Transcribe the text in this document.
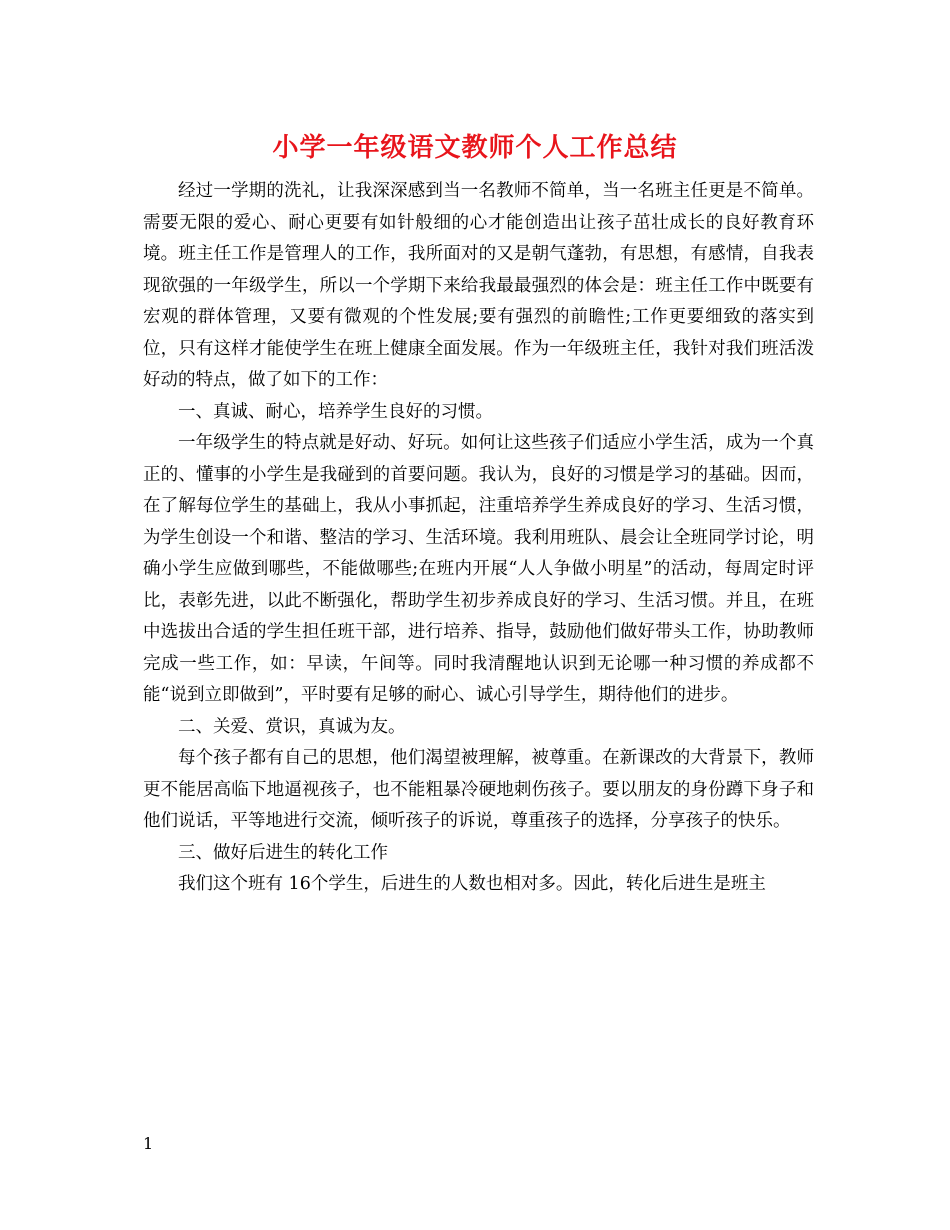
小学一年级语文教师个人工作总结

经过一学期的洗礼，让我深深感到当一名教师不简单，当一名班主任更是不简单。需要无限的爱心、耐心更要有如针般细的心才能创造出让孩子茁壮成长的良好教育环境。班主任工作是管理人的工作，我所面对的又是朝气蓬勃，有思想，有感情，自我表现欲强的一年级学生，所以一个学期下来给我最最强烈的体会是：班主任工作中既要有宏观的群体管理，又要有微观的个性发展;要有强烈的前瞻性;工作更要细致的落实到位，只有这样才能使学生在班上健康全面发展。作为一年级班主任，我针对我们班活泼好动的特点，做了如下的工作：

一、真诚、耐心，培养学生良好的习惯。

一年级学生的特点就是好动、好玩。如何让这些孩子们适应小学生活，成为一个真正的、懂事的小学生是我碰到的首要问题。我认为，良好的习惯是学习的基础。因而，在了解每位学生的基础上，我从小事抓起，注重培养学生养成良好的学习、生活习惯，为学生创设一个和谐、整洁的学习、生活环境。我利用班队、晨会让全班同学讨论，明确小学生应做到哪些，不能做哪些;在班内开展“人人争做小明星”的活动，每周定时评比，表彰先进，以此不断强化，帮助学生初步养成良好的学习、生活习惯。并且，在班中选拔出合适的学生担任班干部，进行培养、指导，鼓励他们做好带头工作，协助教师完成一些工作，如：早读，午间等。同时我清醒地认识到无论哪一种习惯的养成都不能“说到立即做到”，平时要有足够的耐心、诚心引导学生，期待他们的进步。

二、关爱、赏识，真诚为友。

每个孩子都有自己的思想，他们渴望被理解，被尊重。在新课改的大背景下，教师更不能居高临下地逼视孩子，也不能粗暴冷硬地刺伤孩子。要以朋友的身份蹲下身子和他们说话，平等地进行交流，倾听孩子的诉说，尊重孩子的选择，分享孩子的快乐。

三、做好后进生的转化工作

我们这个班有 16个学生，后进生的人数也相对多。因此，转化后进生是班主

1
